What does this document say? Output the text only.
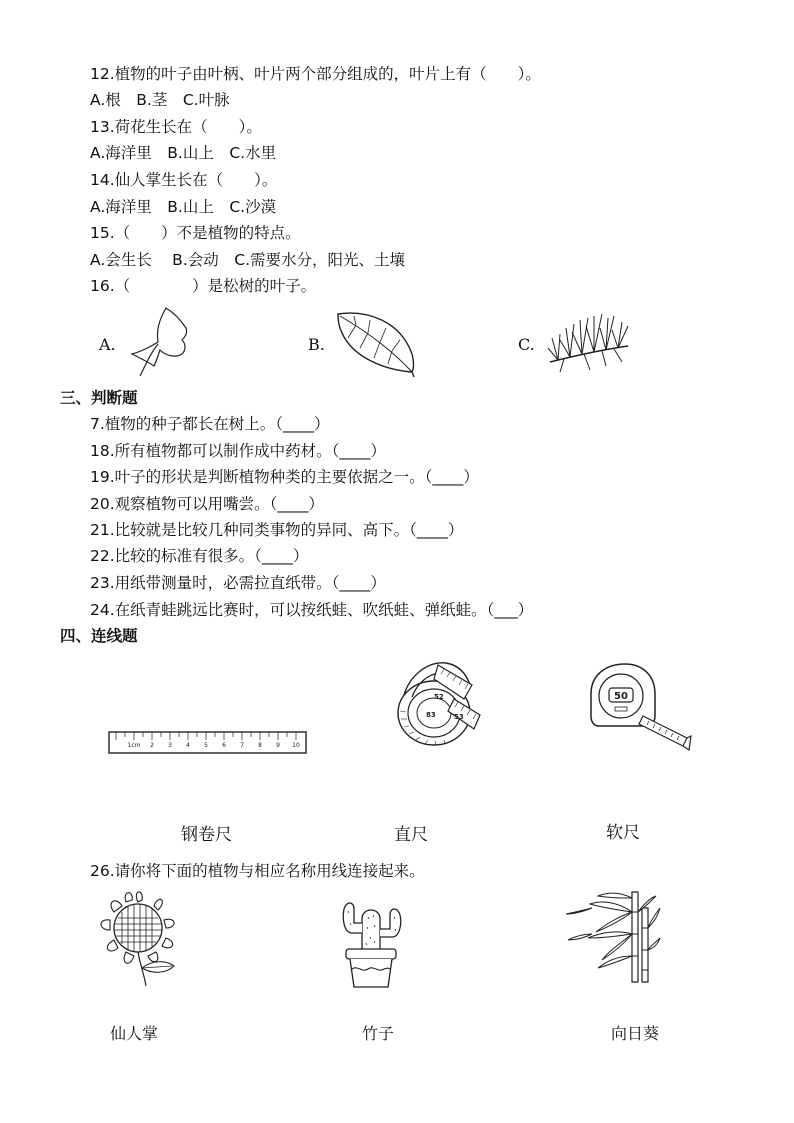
12.植物的叶子由叶柄、叶片两个部分组成的，叶片上有（　　）。
A.根　B.茎　C.叶脉
13.荷花生长在（　　）。
A.海洋里　B.山上　C.水里
14.仙人掌生长在（　　）。
A.海洋里　B.山上　C.沙漠
15.（　　）不是植物的特点。
A.会生长　 B.会动　C.需要水分，阳光、土壤
16.（　　　　）是松树的叶子。
A.	B.	C.
三、判断题
7.植物的种子都长在树上。（____）
18.所有植物都可以制作成中药材。（____）
19.叶子的形状是判断植物种类的主要依据之一。（____）
20.观察植物可以用嘴尝。（____）
21.比较就是比较几种同类事物的异同、高下。（____）
22.比较的标准有很多。（____）
23.用纸带测量时，必需拉直纸带。（____）
24.在纸青蛙跳远比赛时，可以按纸蛙、吹纸蛙、弹纸蛙。（___）
四、连线题
1cm 2 3 4 5 6 7 8 9 10
52
83	53
50
钢卷尺	直尺	软尺
26.请你将下面的植物与相应名称用线连接起来。
仙人掌	竹子	向日葵
